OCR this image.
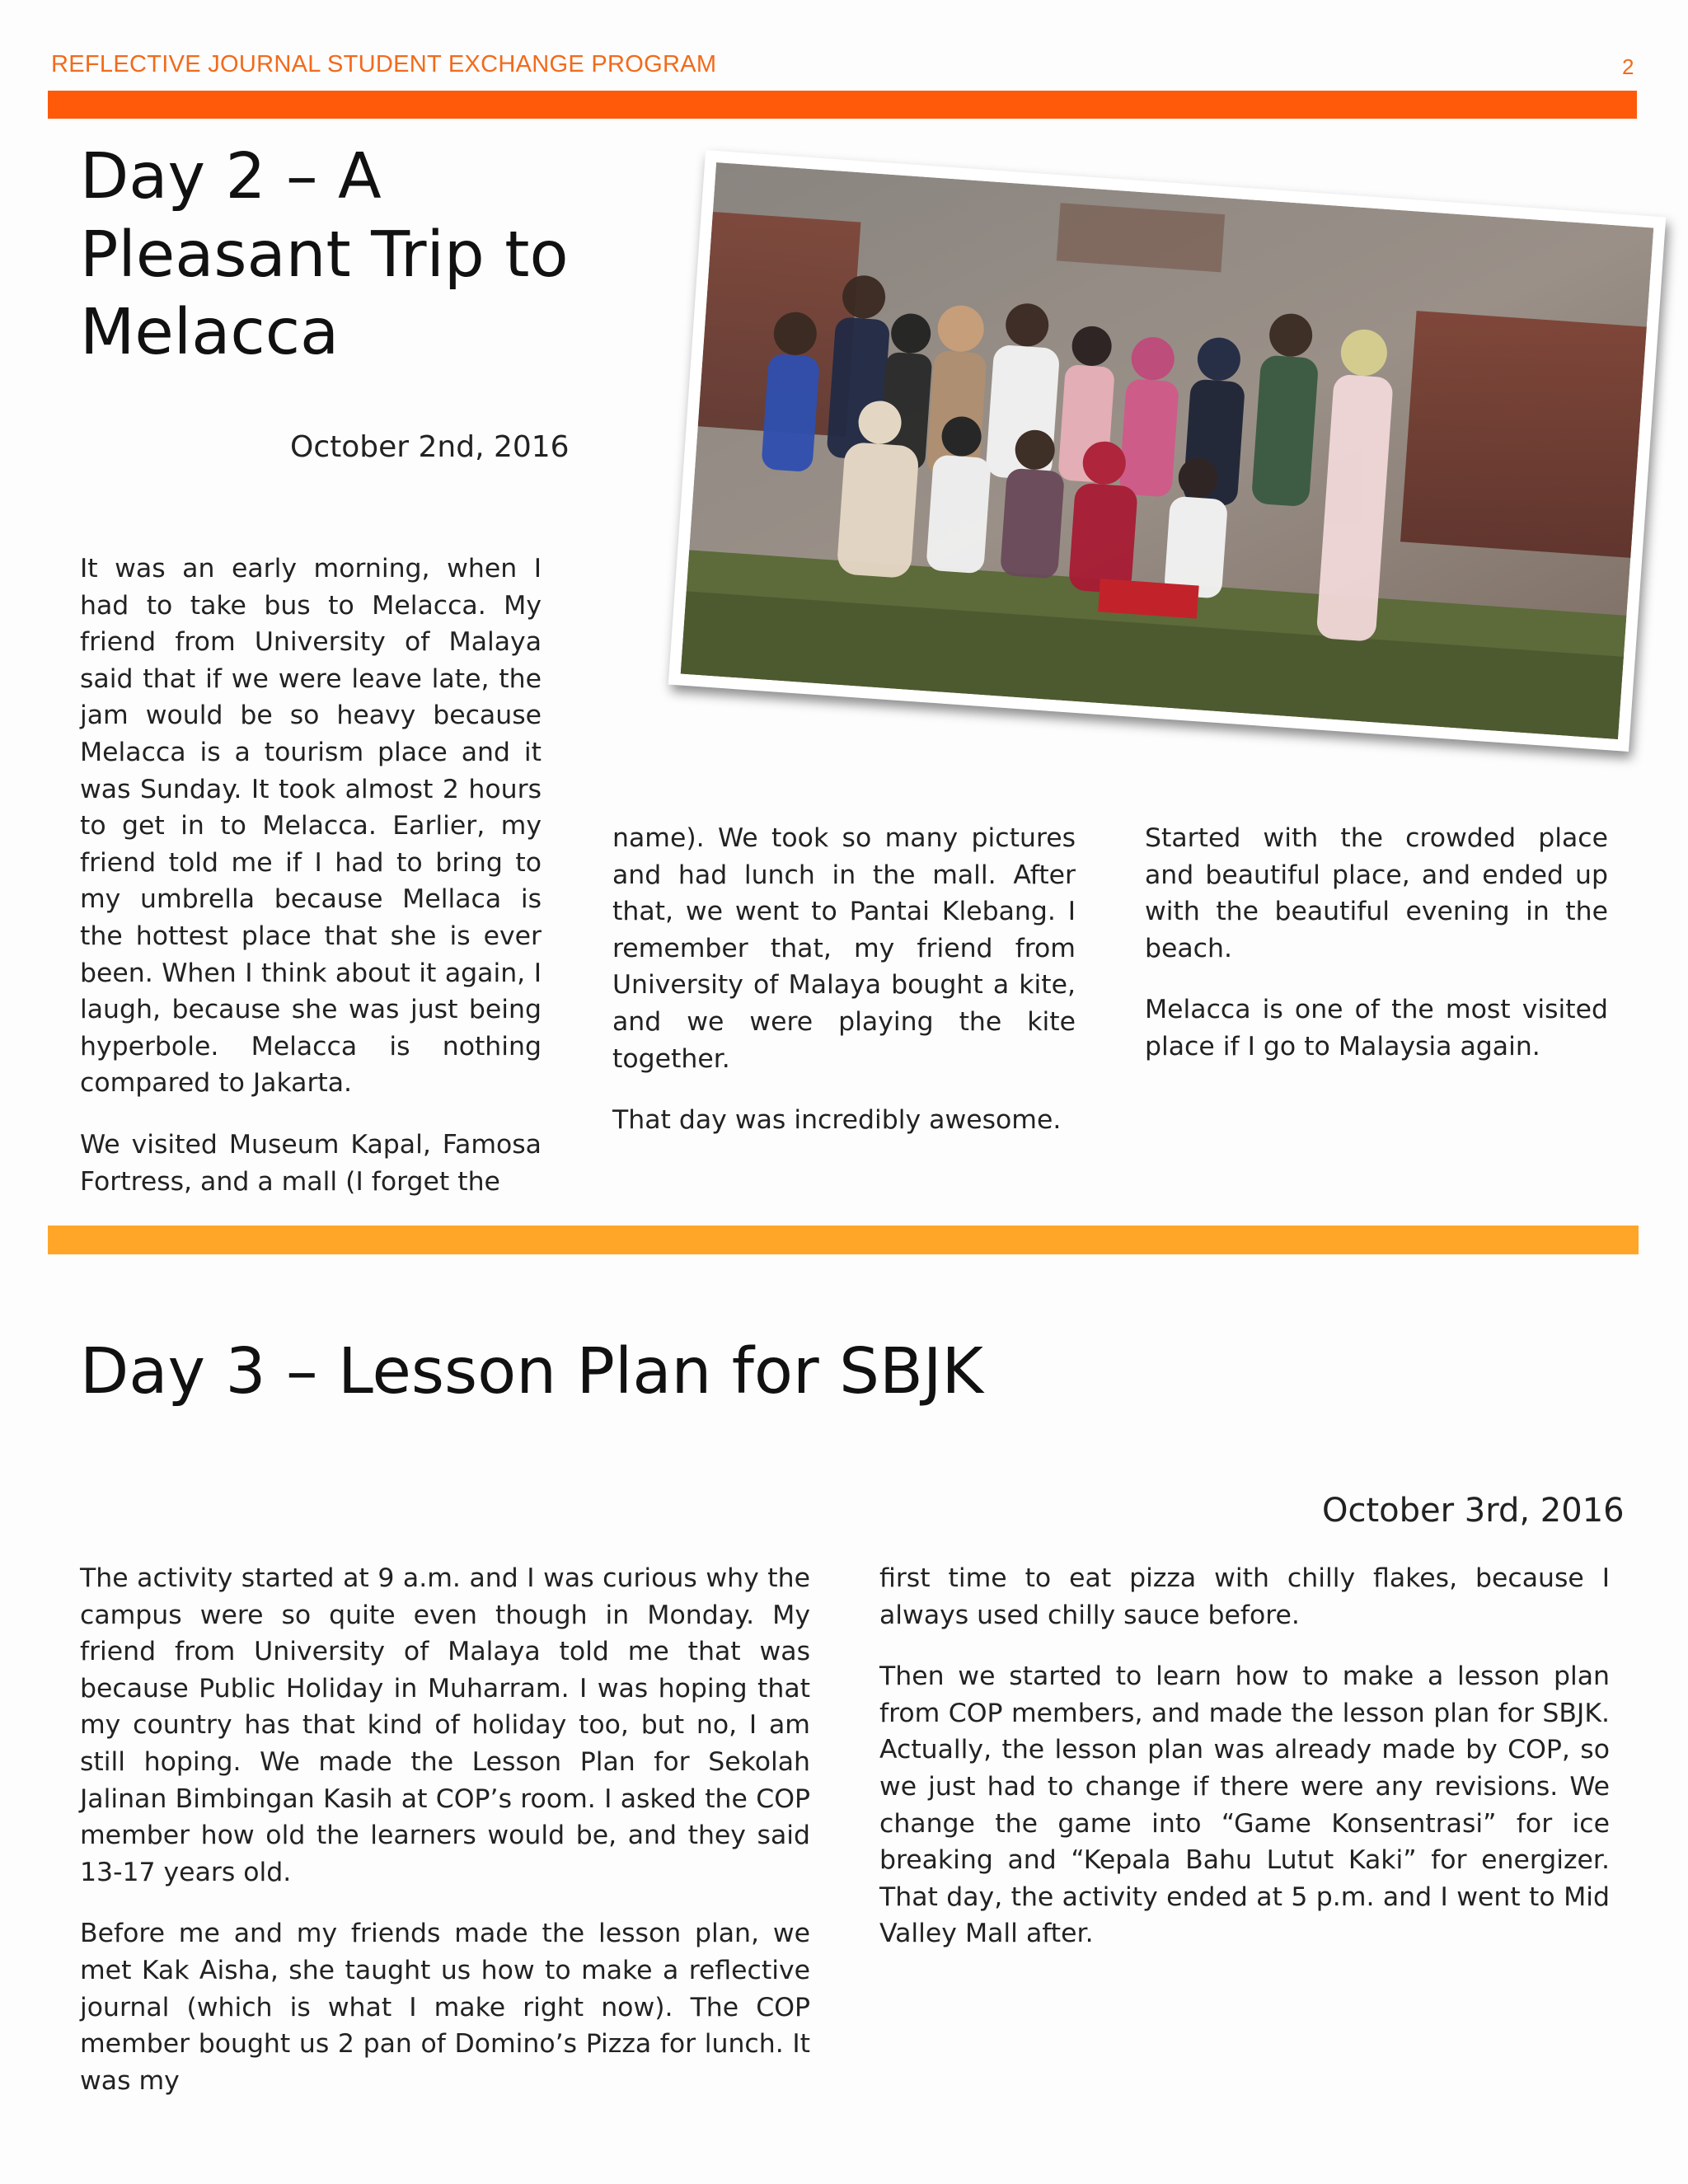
REFLECTIVE JOURNAL STUDENT EXCHANGE PROGRAM	2
Day 2 – A Pleasant Trip to Melacca
October 2nd, 2016

It was an early morning, when I had to take bus to Melacca. My friend from University of Malaya said that if we were leave late, the jam would be so heavy because Melacca is a tourism place and it was Sunday. It took almost 2 hours to get in to Melacca. Earlier, my friend told me if I had to bring to my umbrella because Mellaca is the hottest place that she is ever been. When I think about it again, I laugh, because she was just being hyperbole. Melacca is nothing compared to Jakarta.

We visited Museum Kapal, Famosa Fortress, and a mall (I forget the

name). We took so many pictures and had lunch in the mall. After that, we went to Pantai Klebang. I remember that, my friend from University of Malaya bought a kite, and we were playing the kite together.

That day was incredibly awesome.

Started with the crowded place and beautiful place, and ended up with the beautiful evening in the beach.

Melacca is one of the most visited place if I go to Malaysia again.

Day 3 – Lesson Plan for SBJK
October 3rd, 2016

The activity started at 9 a.m. and I was curious why the campus were so quite even though in Monday. My friend from University of Malaya told me that was because Public Holiday in Muharram. I was hoping that my country has that kind of holiday too, but no, I am still hoping. We made the Lesson Plan for Sekolah Jalinan Bimbingan Kasih at COP’s room. I asked the COP member how old the learners would be, and they said 13-17 years old.

Before me and my friends made the lesson plan, we met Kak Aisha, she taught us how to make a reflective journal (which is what I make right now). The COP member bought us 2 pan of Domino’s Pizza for lunch. It was my

first time to eat pizza with chilly flakes, because I always used chilly sauce before.

Then we started to learn how to make a lesson plan from COP members, and made the lesson plan for SBJK. Actually, the lesson plan was already made by COP, so we just had to change if there were any revisions. We change the game into “Game Konsentrasi” for ice breaking and “Kepala Bahu Lutut Kaki” for energizer. That day, the activity ended at 5 p.m. and I went to Mid Valley Mall after.
